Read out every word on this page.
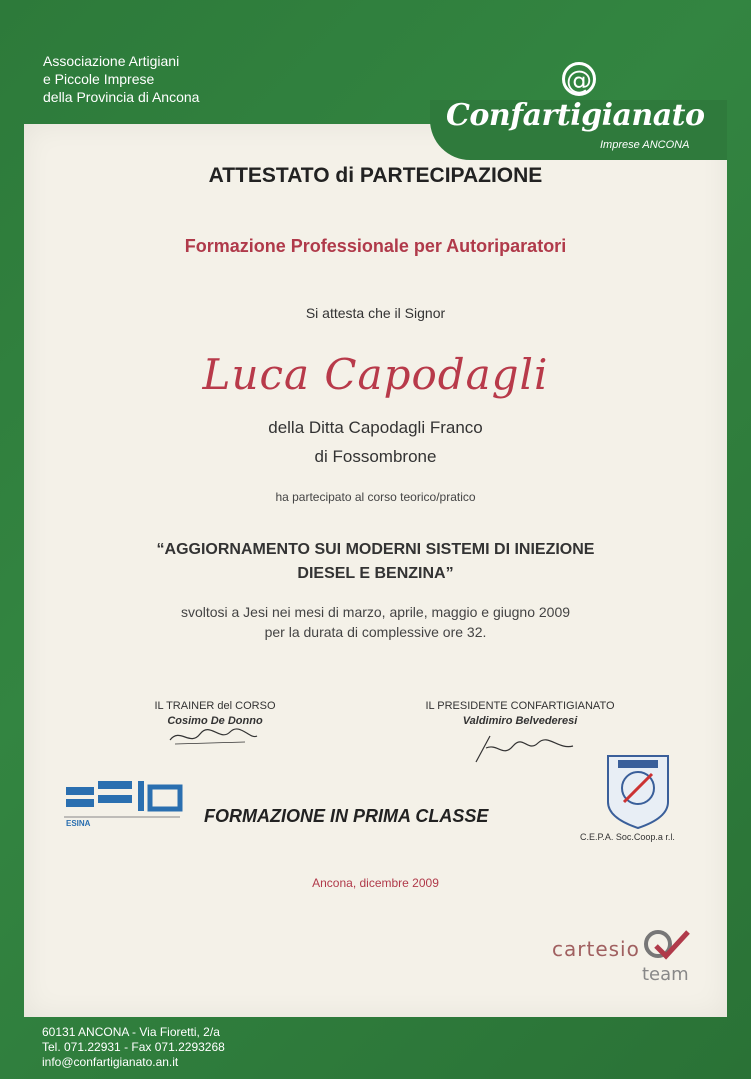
Associazione Artigiani
e Piccole Imprese
della Provincia di Ancona
@
Confartigianato
Imprese ANCONA
ATTESTATO di PARTECIPAZIONE
Formazione Professionale per Autoriparatori
Si attesta che il Signor
Luca Capodagli
della Ditta Capodagli Franco
di Fossombrone
ha partecipato al corso teorico/pratico
“AGGIORNAMENTO SUI MODERNI SISTEMI DI INIEZIONE
DIESEL E BENZINA”
svoltosi a Jesi nei mesi di marzo, aprile, maggio e giugno 2009
per la durata di complessive ore 32.
IL TRAINER del CORSO
Cosimo De Donno
IL PRESIDENTE CONFARTIGIANATO
Valdimiro Belvederesi
ESINA	FORMAZIONE IN PRIMA CLASSE
C.E.P.A. Soc.Coop.a r.l.
Ancona, dicembre 2009
cartesio
team
60131 ANCONA - Via Fioretti, 2/a
Tel. 071.22931 - Fax 071.2293268
info@confartigianato.an.it
